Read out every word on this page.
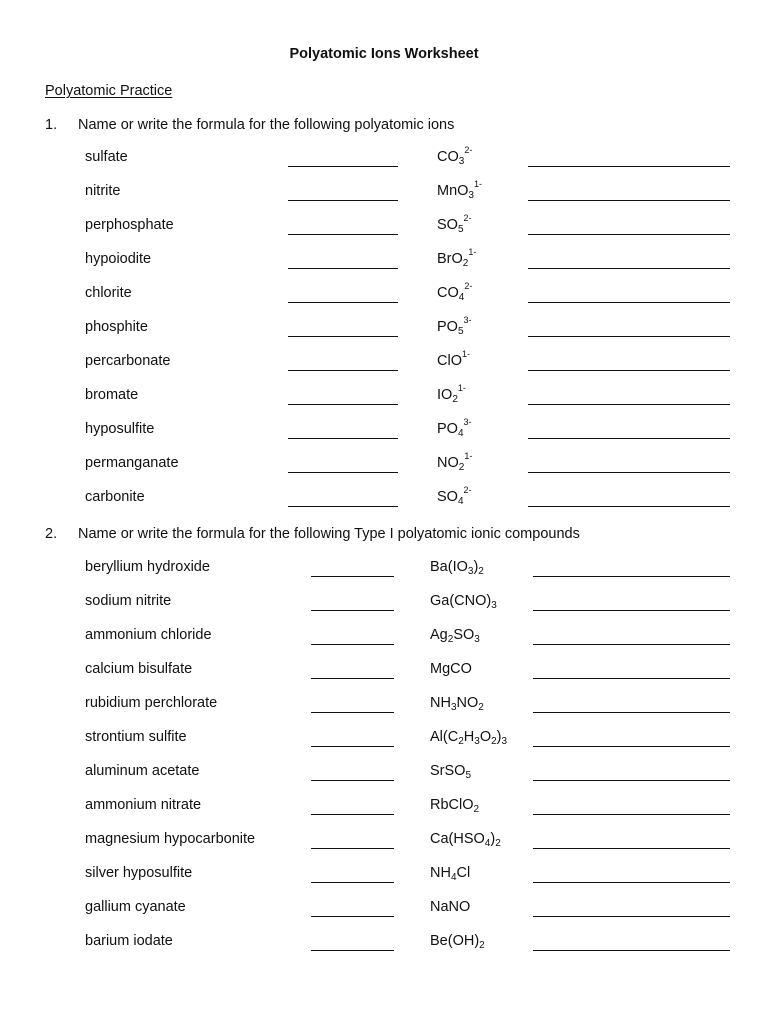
Polyatomic Ions Worksheet
Polyatomic Practice
1. Name or write the formula for the following polyatomic ions
sulfate	$CO_3^{2-}$
nitrite	MnO$_3^{1-}$
perphosphate	$SO_5^{2-}$
hypoiodite	BrO$_2^{1-}$
chlorite	$CO_4^{2-}$
phosphite	$PO_5^{3-}$
percarbonate	ClO$^{1-}$
bromate	$IO_2^{1-}$
hyposulfite	$PO_4^{3-}$
permanganate	$NO_2^{1-}$
carbonite	$SO_4^{2-}$
2. Name or write the formula for the following Type I polyatomic ionic compounds
beryllium hydroxide	$Ba(IO_3)_2$
sodium nitrite	$Ga(CNO)_3$
ammonium chloride	$Ag_2SO_3$
calcium bisulfate	MgCO
rubidium perchlorate	$NH_3NO_2$
strontium sulfite	$Al(C_2H_3O_2)_3$
aluminum acetate	SrSO$_5$
ammonium nitrate	RbClO$_2$
magnesium hypocarbonite	$Ca(HSO_4)_2$
silver hyposulfite	$NH_4Cl$
gallium cyanate	NaNO
barium iodate	$Be(OH)_2$
